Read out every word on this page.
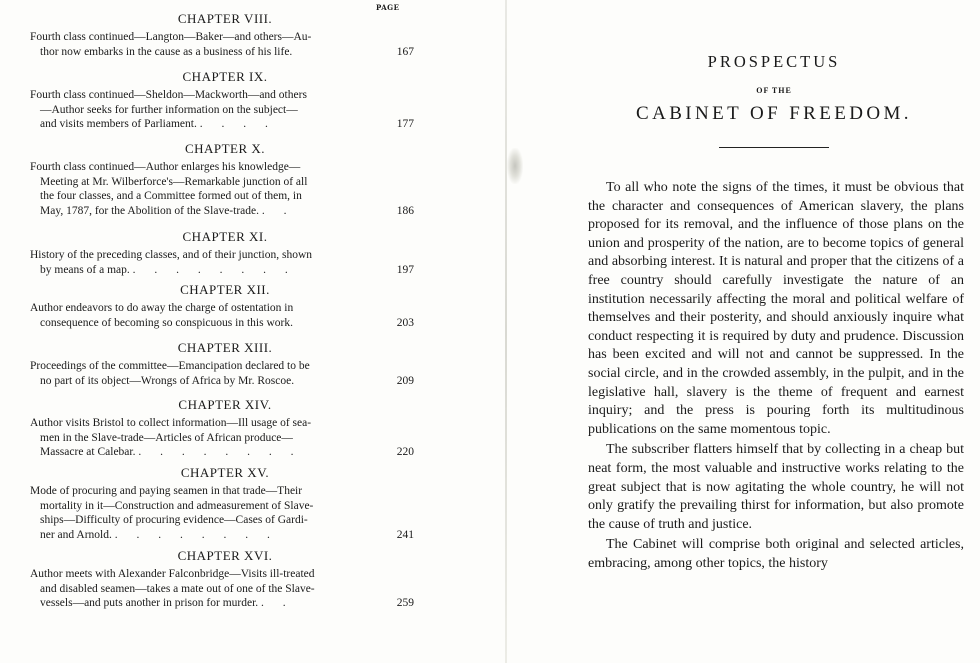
PAGE
CHAPTER VIII.
Fourth class continued—Langton—Baker—and others—Au-
thor now embarks in the cause as a business of his life.	167
CHAPTER IX.
Fourth class continued—Sheldon—Mackworth—and others
—Author seeks for further information on the subject—
and visits members of Parliament. . . . .	177
CHAPTER X.
Fourth class continued—Author enlarges his knowledge—
Meeting at Mr. Wilberforce's—Remarkable junction of all
the four classes, and a Committee formed out of them, in
May, 1787, for the Abolition of the Slave-trade. . .	186
CHAPTER XI.
History of the preceding classes, and of their junction, shown
by means of a map. . . . . . . . .	197
CHAPTER XII.
Author endeavors to do away the charge of ostentation in
consequence of becoming so conspicuous in this work.	203
CHAPTER XIII.
Proceedings of the committee—Emancipation declared to be
no part of its object—Wrongs of Africa by Mr. Roscoe.	209
CHAPTER XIV.
Author visits Bristol to collect information—Ill usage of sea-
men in the Slave-trade—Articles of African produce—
Massacre at Calebar. . . . . . . . .	220
CHAPTER XV.
Mode of procuring and paying seamen in that trade—Their
mortality in it—Construction and admeasurement of Slave-
ships—Difficulty of procuring evidence—Cases of Gardi-
ner and Arnold. . . . . . . . .	241
CHAPTER XVI.
Author meets with Alexander Falconbridge—Visits ill-treated
and disabled seamen—takes a mate out of one of the Slave-
vessels—and puts another in prison for murder. . .	259
PROSPECTUS
OF THE
CABINET OF FREEDOM.

To all who note the signs of the times, it must be obvious that the character and consequences of American slavery, the plans proposed for its removal, and the influence of those plans on the union and prosperity of the nation, are to become topics of general and absorbing interest. It is natural and proper that the citizens of a free country should carefully investigate the nature of an institution necessarily affecting the moral and political welfare of themselves and their posterity, and should anxiously inquire what conduct respecting it is required by duty and prudence. Discussion has been excited and will not and cannot be suppressed. In the social circle, and in the crowded assembly, in the pulpit, and in the legislative hall, slavery is the theme of frequent and earnest inquiry; and the press is pouring forth its multitudinous publications on the same momentous topic.

The subscriber flatters himself that by collecting in a cheap but neat form, the most valuable and instructive works relating to the great subject that is now agitating the whole country, he will not only gratify the prevailing thirst for information, but also promote the cause of truth and justice.

The Cabinet will comprise both original and selected articles, embracing, among other topics, the history
